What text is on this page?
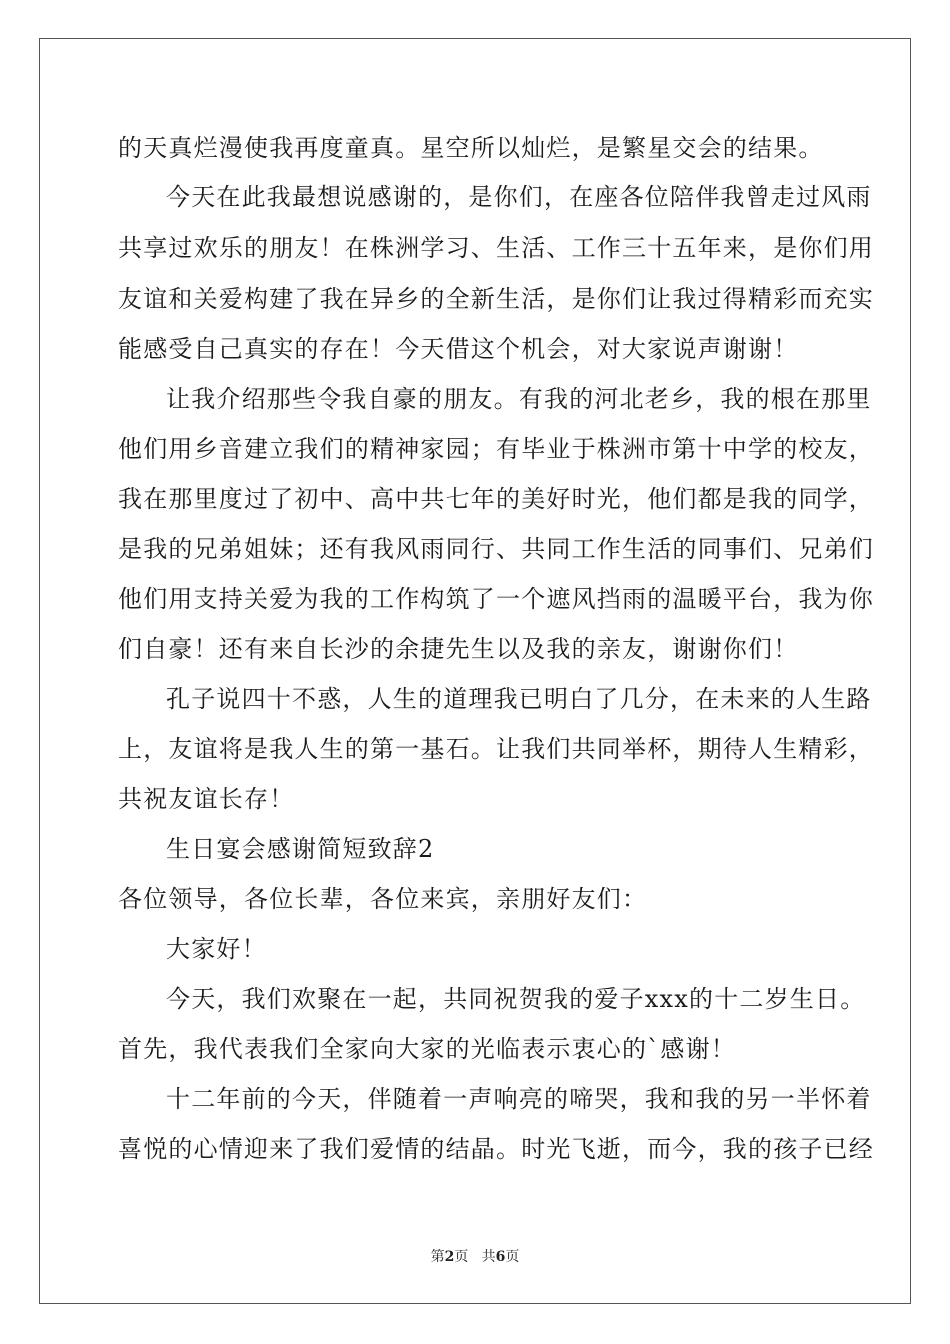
的天真烂漫使我再度童真。星空所以灿烂，是繁星交会的结果。
今天在此我最想说感谢的，是你们，在座各位陪伴我曾走过风雨
共享过欢乐的朋友！在株洲学习、生活、工作三十五年来，是你们用
友谊和关爱构建了我在异乡的全新生活，是你们让我过得精彩而充实
能感受自己真实的存在！今天借这个机会，对大家说声谢谢！
让我介绍那些令我自豪的朋友。有我的河北老乡，我的根在那里
他们用乡音建立我们的精神家园；有毕业于株洲市第十中学的校友，
我在那里度过了初中、高中共七年的美好时光，他们都是我的同学，
是我的兄弟姐妹；还有我风雨同行、共同工作生活的同事们、兄弟们
他们用支持关爱为我的工作构筑了一个遮风挡雨的温暖平台，我为你
们自豪！还有来自长沙的余捷先生以及我的亲友，谢谢你们！
孔子说四十不惑，人生的道理我已明白了几分，在未来的人生路
上，友谊将是我人生的第一基石。让我们共同举杯，期待人生精彩，
共祝友谊长存！
生日宴会感谢简短致辞2
各位领导，各位长辈，各位来宾，亲朋好友们：
大家好！
今天，我们欢聚在一起，共同祝贺我的爱子xxx的十二岁生日。
首先，我代表我们全家向大家的光临表示衷心的`感谢！
十二年前的今天，伴随着一声响亮的啼哭，我和我的另一半怀着
喜悦的心情迎来了我们爱情的结晶。时光飞逝，而今，我的孩子已经
第2页 共6页
